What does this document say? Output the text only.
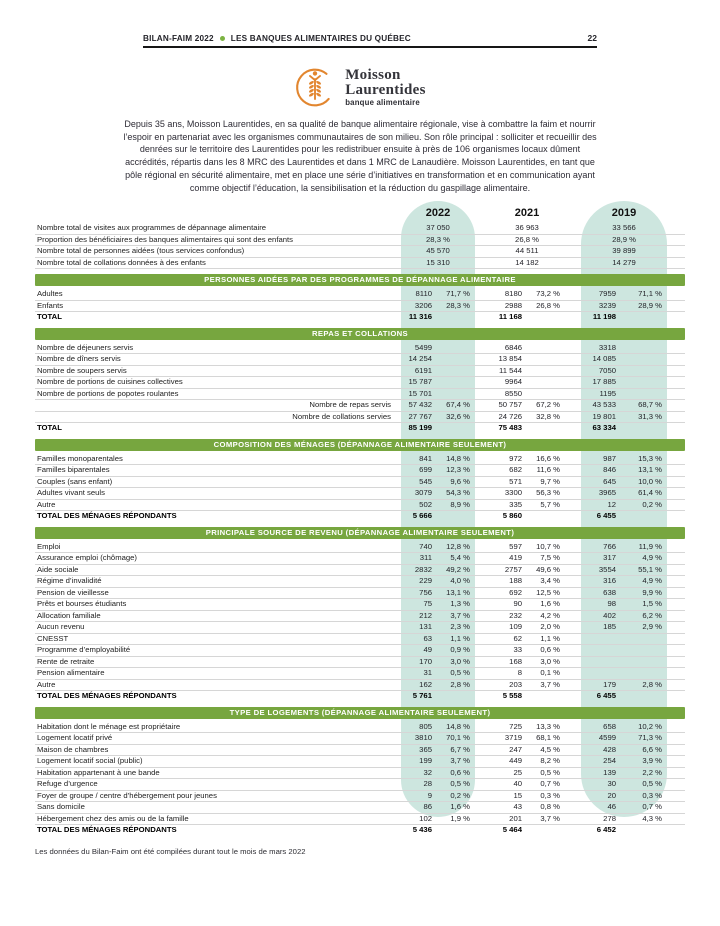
BILAN-FAIM 2022 LES BANQUES ALIMENTAIRES DU QUÉBEC	22
Moisson
Laurentides
banque alimentaire

Depuis 35 ans, Moisson Laurentides, en sa qualité de banque alimentaire régionale, vise à combattre la faim et nourrir l’espoir en partenariat avec les organismes communautaires de son milieu. Son rôle principal : solliciter et recueillir des denrées sur le territoire des Laurentides pour les redistribuer ensuite à près de 106 organismes locaux dûment accrédités, répartis dans les 8 MRC des Laurentides et dans 1 MRC de Lanaudière. Moisson Laurentides, en tant que pôle régional en sécurité alimentaire, met en place une série d’initiatives en transformation et en communication ayant comme objectif l’éducation, la sensibilisation et la réduction du gaspillage alimentaire.

2022	2021	2019
Nombre total de visites aux programmes de dépannage alimentaire	37 050		36 963		33 566	
Proportion des bénéficiaires des banques alimentaires qui sont des enfants	28,3 %		26,8 %		28,9 %	
Nombre total de personnes aidées (tous services confondus)	45 570		44 511		39 899	
Nombre total de collations données à des enfants	15 310		14 182		14 279	
PERSONNES AIDÉES PAR DES PROGRAMMES DE DÉPANNAGE ALIMENTAIRE
Adultes	8110	71,7 %		8180	73,2 %		7959	71,1 %	
Enfants	3206	28,3 %		2988	26,8 %		3239	28,9 %	
TOTAL	11 316			11 168			11 198		
REPAS ET COLLATIONS
Nombre de déjeuners servis	5499			6846			3318		
Nombre de dîners servis	14 254			13 854			14 085		
Nombre de soupers servis	6191			11 544			7050		
Nombre de portions de cuisines collectives	15 787			9964			17 885		
Nombre de portions de popotes roulantes	15 701			8550			1195		
Nombre de repas servis	57 432	67,4 %		50 757	67,2 %		43 533	68,7 %	
Nombre de collations servies	27 767	32,6 %		24 726	32,8 %		19 801	31,3 %	
TOTAL	85 199			75 483			63 334		
COMPOSITION DES MÉNAGES (DÉPANNAGE ALIMENTAIRE SEULEMENT)
Familles monoparentales	841	14,8 %		972	16,6 %		987	15,3 %	
Familles biparentales	699	12,3 %		682	11,6 %		846	13,1 %	
Couples (sans enfant)	545	9,6 %		571	9,7 %		645	10,0 %	
Adultes vivant seuls	3079	54,3 %		3300	56,3 %		3965	61,4 %	
Autre	502	8,9 %		335	5,7 %		12	0,2 %	
TOTAL DES MÉNAGES RÉPONDANTS	5 666			5 860			6 455		
PRINCIPALE SOURCE DE REVENU (DÉPANNAGE ALIMENTAIRE SEULEMENT)
Emploi	740	12,8 %		597	10,7 %		766	11,9 %	
Assurance emploi (chômage)	311	5,4 %		419	7,5 %		317	4,9 %	
Aide sociale	2832	49,2 %		2757	49,6 %		3554	55,1 %	
Régime d’invalidité	229	4,0 %		188	3,4 %		316	4,9 %	
Pension de vieillesse	756	13,1 %		692	12,5 %		638	9,9 %	
Prêts et bourses étudiants	75	1,3 %		90	1,6 %		98	1,5 %	
Allocation familiale	212	3,7 %		232	4,2 %		402	6,2 %	
Aucun revenu	131	2,3 %		109	2,0 %		185	2,9 %	
CNESST	63	1,1 %		62	1,1 %				
Programme d’employabilité	49	0,9 %		33	0,6 %				
Rente de retraite	170	3,0 %		168	3,0 %				
Pension alimentaire	31	0,5 %		8	0,1 %				
Autre	162	2,8 %		203	3,7 %		179	2,8 %	
TOTAL DES MÉNAGES RÉPONDANTS	5 761			5 558			6 455		
TYPE DE LOGEMENTS (DÉPANNAGE ALIMENTAIRE SEULEMENT)
Habitation dont le ménage est propriétaire	805	14,8 %		725	13,3 %		658	10,2 %	
Logement locatif privé	3810	70,1 %		3719	68,1 %		4599	71,3 %	
Maison de chambres	365	6,7 %		247	4,5 %		428	6,6 %	
Logement locatif social (public)	199	3,7 %		449	8,2 %		254	3,9 %	
Habitation appartenant à une bande	32	0,6 %		25	0,5 %		139	2,2 %	
Refuge d’urgence	28	0,5 %		40	0,7 %		30	0,5 %	
Foyer de groupe / centre d’hébergement pour jeunes	9	0,2 %		15	0,3 %		20	0,3 %	
Sans domicile	86	1,6 %		43	0,8 %		46	0,7 %	
Hébergement chez des amis ou de la famille	102	1,9 %		201	3,7 %		278	4,3 %	
TOTAL DES MÉNAGES RÉPONDANTS	5 436			5 464			6 452		

Les données du Bilan-Faim ont été compilées durant tout le mois de mars 2022
